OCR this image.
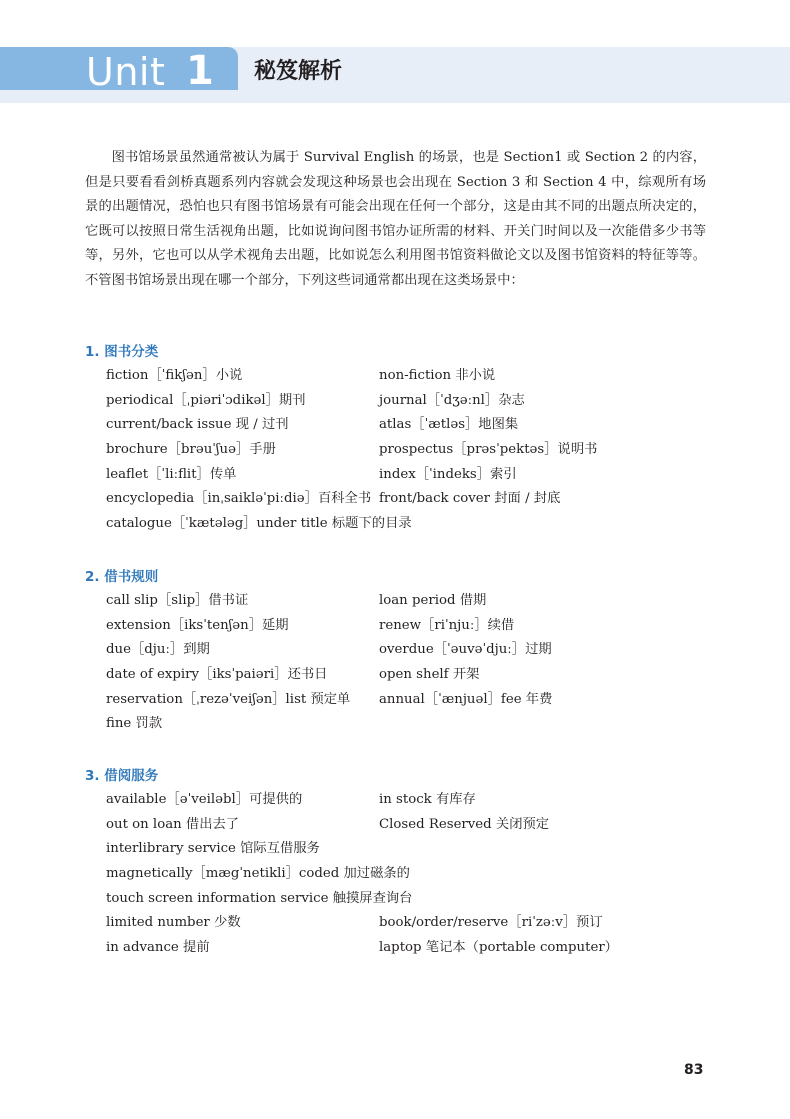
Unit 1 秘笈解析

图书馆场景虽然通常被认为属于 Survival English 的场景，也是 Section1 或 Section 2 的内容，但是只要看看剑桥真题系列内容就会发现这种场景也会出现在 Section 3 和 Section 4 中，综观所有场景的出题情况，恐怕也只有图书馆场景有可能会出现在任何一个部分，这是由其不同的出题点所决定的，它既可以按照日常生活视角出题，比如说询问图书馆办证所需的材料、开关门时间以及一次能借多少书等等，另外，它也可以从学术视角去出题，比如说怎么利用图书馆资料做论文以及图书馆资料的特征等等。不管图书馆场景出现在哪一个部分，下列这些词通常都出现在这类场景中：

1. 图书分类
fiction［ˈfikʃən］小说	non-fiction 非小说
periodical［ˌpiəriˈɔdikəl］期刊	journal［ˈdʒəːnl］杂志
current/back issue 现 / 过刊	atlas［ˈætləs］地图集
brochure［brəuˈʃuə］手册	prospectus［prəsˈpektəs］说明书
leaflet［ˈliːflit］传单	index［ˈindeks］索引
encyclopedia［inˌsaikləˈpiːdiə］百科全书 front/back cover 封面 / 封底
catalogue［ˈkætələg］under title 标题下的目录
2. 借书规则
call slip［slip］借书证	loan period 借期
extension［iksˈtenʃən］延期	renew［riˈnjuː］续借
due［djuː］到期	overdue［ˈəuvəˈdjuː］过期
date of expiry［iksˈpaiəri］还书日	open shelf 开架
reservation［ˌrezəˈveiʃən］list 预定单	annual［ˈænjuəl］fee 年费
fine 罚款
3. 借阅服务
available［əˈveiləbl］可提供的	in stock 有库存
out on loan 借出去了	Closed Reserved 关闭预定
interlibrary service 馆际互借服务
magnetically［mægˈnetikli］coded 加过磁条的
touch screen information service 触摸屏查询台
limited number 少数	book/order/reserve［riˈzəːv］预订
in advance 提前	laptop 笔记本（portable computer）
83
